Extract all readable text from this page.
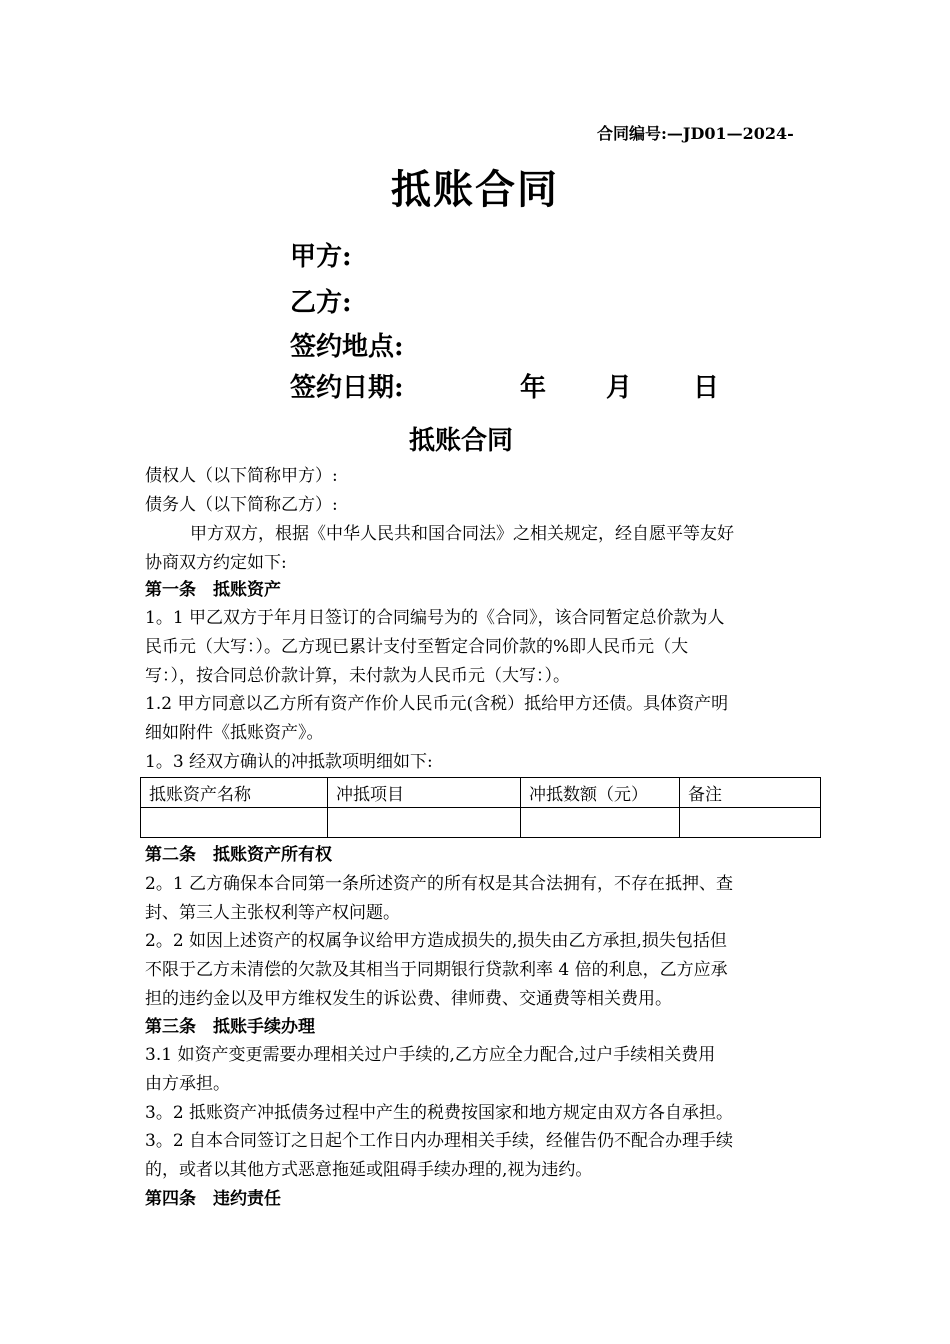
合同编号:—JD01—2024-
抵账合同
甲方:
乙方:
签约地点:
签约日期:	年 月 日
抵账合同
债权人（以下简称甲方）:
债务人（以下简称乙方）:
甲方双方，根据《中华人民共和国合同法》之相关规定，经自愿平等友好
协商双方约定如下:
第一条　抵账资产
1。1 甲乙双方于年月日签订的合同编号为的《合同》，该合同暂定总价款为人
民币元（大写：）。乙方现已累计支付至暂定合同价款的%即人民币元（大
写：），按合同总价款计算，未付款为人民币元（大写：）。
1.2 甲方同意以乙方所有资产作价人民币元(含税）抵给甲方还债。具体资产明
细如附件《抵账资产》。
1。3 经双方确认的冲抵款项明细如下:
抵账资产名称	冲抵项目	冲抵数额（元）	备注

第二条　抵账资产所有权
2。1 乙方确保本合同第一条所述资产的所有权是其合法拥有，不存在抵押、查
封、第三人主张权利等产权问题。
2。2 如因上述资产的权属争议给甲方造成损失的,损失由乙方承担,损失包括但
不限于乙方未清偿的欠款及其相当于同期银行贷款利率 4 倍的利息，乙方应承
担的违约金以及甲方维权发生的诉讼费、律师费、交通费等相关费用。
第三条　抵账手续办理
3.1 如资产变更需要办理相关过户手续的,乙方应全力配合,过户手续相关费用
由方承担。
3。2 抵账资产冲抵债务过程中产生的税费按国家和地方规定由双方各自承担。
3。2 自本合同签订之日起个工作日内办理相关手续，经催告仍不配合办理手续
的，或者以其他方式恶意拖延或阻碍手续办理的,视为违约。
第四条　违约责任
